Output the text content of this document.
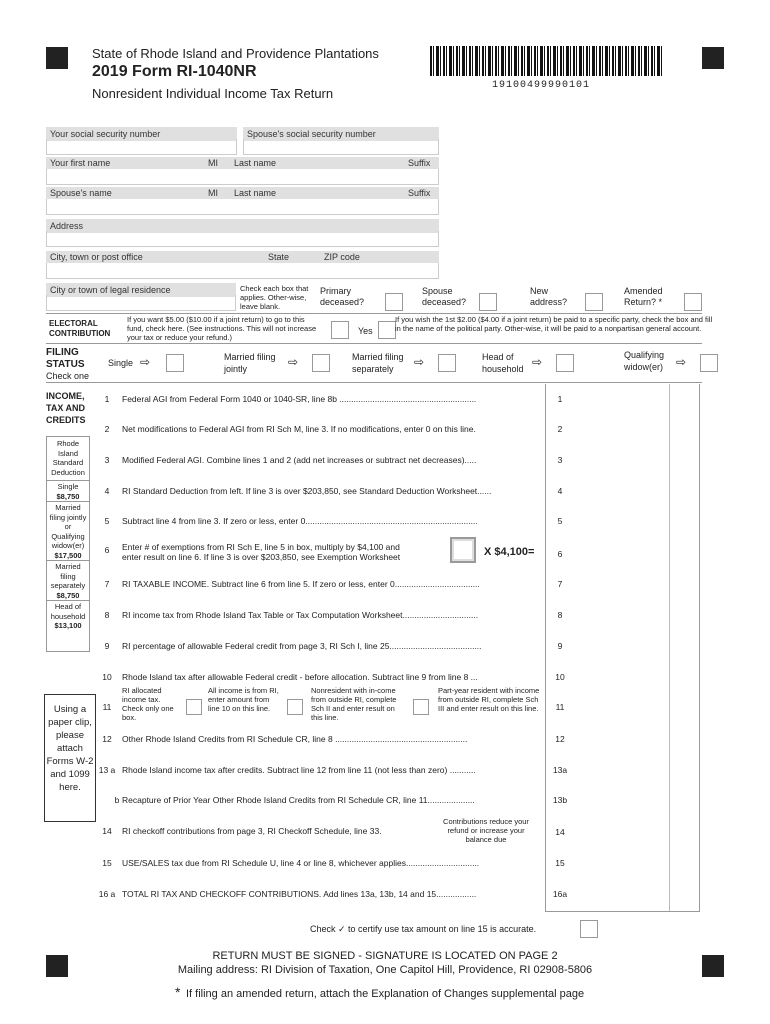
State of Rhode Island and Providence Plantations
2019 Form RI-1040NR
Nonresident Individual Income Tax Return
19100499990101
Your social security number	Spouse's social security number
Your first name	MI Last name	Suffix
Spouse's name	MI Last name	Suffix
Address
City, town or post office	State	ZIP code
City or town of legal residence	Check each box that applies. Other-wise, leave blank.
Primary deceased?
Spouse deceased?
New address?
Amended Return? *
ELECTORAL
CONTRIBUTION
If you want $5.00 ($10.00 if a joint return) to go to this fund, check here. (See instructions. This will not increase your tax or reduce your refund.)
Yes
If you wish the 1st $2.00 ($4.00 if a joint return) be paid to a specific party, check the box and fill in the name of the political party. Other-wise, it will be paid to a nonpartisan general account.
FILING
STATUS
Check one
Single ⇨	Married filing jointly	⇨	Married filing separately	⇨	Head of household ⇨	Qualifying widow(er)	⇨
INCOME, TAX AND CREDITS
Rhode Island Standard Deduction
Single
$8,750
Married filing jointly or Qualifying widow(er)
$17,500
Married filing separately
$8,750
Head of household
$13,100
Using a paper clip, please attach Forms W-2 and 1099 here.
1	Federal AGI from Federal Form 1040 or 1040-SR, line 8b ..........................................................	1
2	Net modifications to Federal AGI from RI Sch M, line 3. If no modifications, enter 0 on this line.	2
3	Modified Federal AGI. Combine lines 1 and 2 (add net increases or subtract net decreases).....	3
4	RI Standard Deduction from left. If line 3 is over $203,850, see Standard Deduction Worksheet......	4
5	Subtract line 4 from line 3. If zero or less, enter 0.........................................................................	5
6	Enter # of exemptions from RI Sch E, line 5 in box, multiply by $4,100 and
enter result on line 6. If line 3 is over $203,850, see Exemption Worksheet	6
X $4,100=
7	RI TAXABLE INCOME. Subtract line 6 from line 5. If zero or less, enter 0....................................	7
8	RI income tax from Rhode Island Tax Table or Tax Computation Worksheet................................	8
9	RI percentage of allowable Federal credit from page 3, RI Sch I, line 25.......................................	9
10	Rhode Island tax after allowable Federal credit - before allocation. Subtract line 9 from line 8 ...	10
11
RI allocated income tax. Check only one box.
All income is from RI, enter amount from line 10 on this line.
Nonresident with in-come from outside RI, complete Sch II and enter result on this line.
Part-year resident with income from outside RI, complete Sch III and enter result on this line.	11
12	Other Rhode Island Credits from RI Schedule CR, line 8 ........................................................	12
13 a Rhode Island income tax after credits. Subtract line 12 from line 11 (not less than zero) ...........	13a
b Recapture of Prior Year Other Rhode Island Credits from RI Schedule CR, line 11....................	13b
14	RI checkoff contributions from page 3, RI Checkoff Schedule, line 33.
Contributions reduce your refund or increase your balance due
14
15	USE/SALES tax due from RI Schedule U, line 4 or line 8, whichever applies...............................	15
16 a TOTAL RI TAX AND CHECKOFF CONTRIBUTIONS. Add lines 13a, 13b, 14 and 15.................	16a
Check ✓ to certify use tax amount on line 15 is accurate.
RETURN MUST BE SIGNED - SIGNATURE IS LOCATED ON PAGE 2
Mailing address: RI Division of Taxation, One Capitol Hill, Providence, RI 02908-5806
* If filing an amended return, attach the Explanation of Changes supplemental page
